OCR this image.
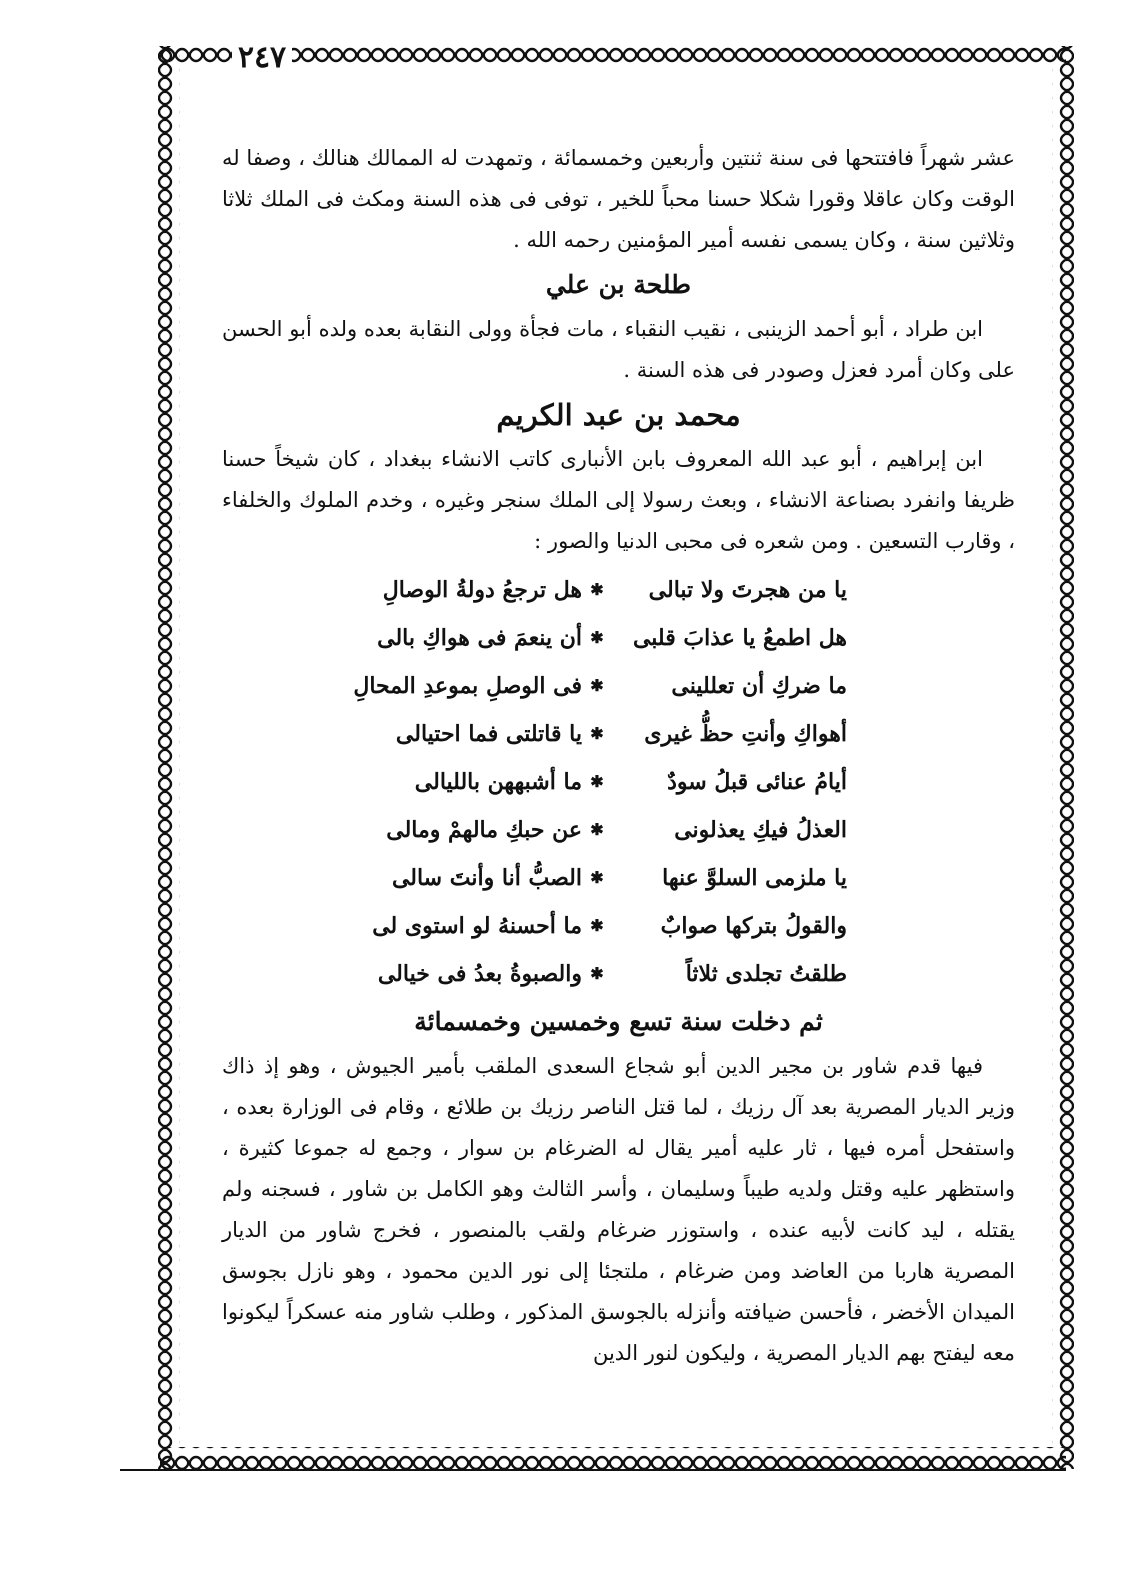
٢٤٧

عشر شهراً فافتتحها فى سنة ثنتين وأربعين وخمسمائة ، وتمهدت له الممالك هنالك ، وصفا له الوقت وكان عاقلا وقورا شكلا حسنا محباً للخير ، توفى فى هذه السنة ومكث فى الملك ثلاثا وثلاثين سنة ، وكان يسمى نفسه أمير المؤمنين رحمه الله .

طلحة بن علي

ابن طراد ، أبو أحمد الزينبى ، نقيب النقباء ، مات فجأة وولى النقابة بعده ولده أبو الحسن على وكان أمرد فعزل وصودر فى هذه السنة .

محمد بن عبد الكريم

ابن إبراهيم ، أبو عبد الله المعروف بابن الأنبارى كاتب الانشاء ببغداد ، كان شيخاً حسنا ظريفا وانفرد بصناعة الانشاء ، وبعث رسولا إلى الملك سنجر وغيره ، وخدم الملوك والخلفاء ، وقارب التسعين . ومن شعره فى محبى الدنيا والصور :

يا من هجرتَ ولا تبالى
✱
هل ترجعُ دولةُ الوصالِ
هل اطمعُ يا عذابَ قلبى
✱
أن ينعمَ فى هواكِ بالى
ما ضركِ أن تعللينى
✱
فى الوصلِ بموعدِ المحالِ
أهواكِ وأنتِ حظُّ غيرى
✱
يا قاتلتى فما احتيالى
أيامُ عنائى قبلُ سودٌ
✱
ما أشبههن بالليالى
العذلُ فيكِ يعذلونى
✱
عن حبكِ مالهمْ ومالى
يا ملزمى السلوَّ عنها
✱
الصبُّ أنا وأنتَ سالى
والقولُ بتركها صوابٌ
✱
ما أحسنهُ لو استوى لى
طلقتُ تجلدى ثلاثاً
✱
والصبوةُ بعدُ فى خيالى
ثم دخلت سنة تسع وخمسين وخمسمائة

فيها قدم شاور بن مجير الدين أبو شجاع السعدى الملقب بأمير الجيوش ، وهو إذ ذاك وزير الديار المصرية بعد آل رزيك ، لما قتل الناصر رزيك بن طلائع ، وقام فى الوزارة بعده ، واستفحل أمره فيها ، ثار عليه أمير يقال له الضرغام بن سوار ، وجمع له جموعا كثيرة ، واستظهر عليه وقتل ولديه طيباً وسليمان ، وأسر الثالث وهو الكامل بن شاور ، فسجنه ولم يقتله ، ليد كانت لأبيه عنده ، واستوزر ضرغام ولقب بالمنصور ، فخرج شاور من الديار المصرية هاربا من العاضد ومن ضرغام ، ملتجئا إلى نور الدين محمود ، وهو نازل بجوسق الميدان الأخضر ، فأحسن ضيافته وأنزله بالجوسق المذكور ، وطلب شاور منه عسكراً ليكونوا معه ليفتح بهم الديار المصرية ، وليكون لنور الدين
